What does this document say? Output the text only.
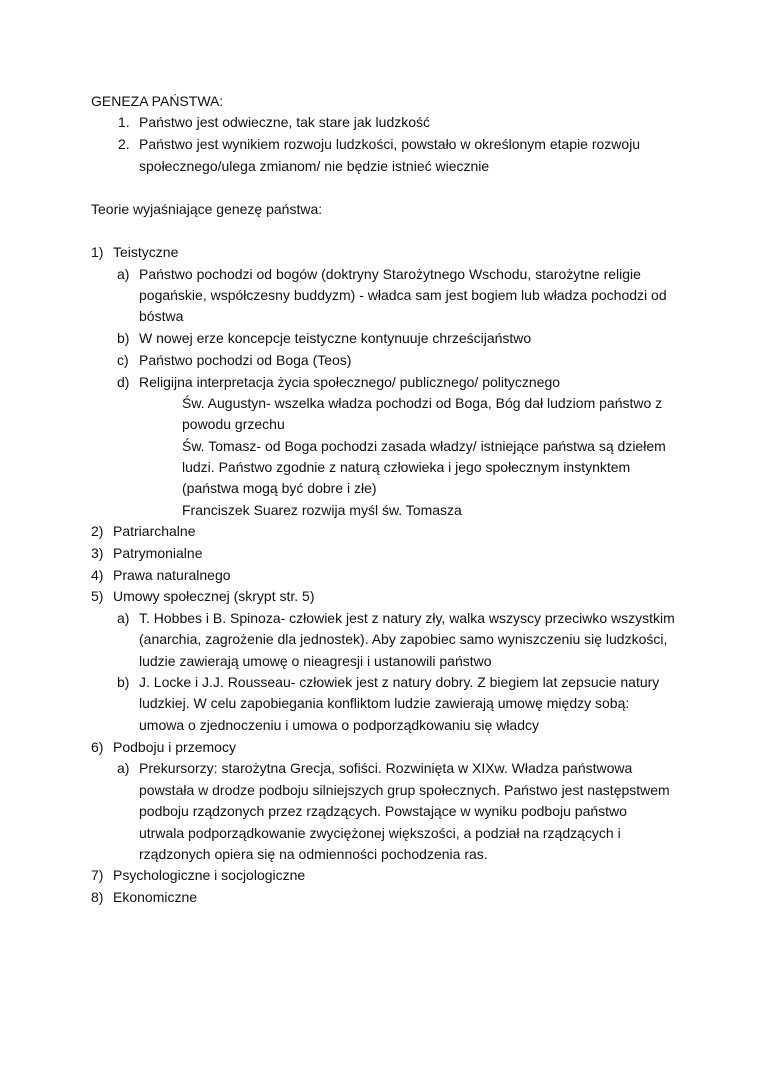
GENEZA PAŃSTWA:
1. Państwo jest odwieczne, tak stare jak ludzkość
2. Państwo jest wynikiem rozwoju ludzkości, powstało w określonym etapie rozwoju
społecznego/ulega zmianom/ nie będzie istnieć wiecznie
Teorie wyjaśniające genezę państwa:
1) Teistyczne
a) Państwo pochodzi od bogów (doktryny Starożytnego Wschodu, starożytne religie
pogańskie, współczesny buddyzm) - władca sam jest bogiem lub władza pochodzi od
bóstwa
b) W nowej erze koncepcje teistyczne kontynuuje chrześcijaństwo
c) Państwo pochodzi od Boga (Teos)
d) Religijna interpretacja życia społecznego/ publicznego/ politycznego
Św. Augustyn- wszelka władza pochodzi od Boga, Bóg dał ludziom państwo z
powodu grzechu
Św. Tomasz- od Boga pochodzi zasada władzy/ istniejące państwa są dziełem
ludzi. Państwo zgodnie z naturą człowieka i jego społecznym instynktem
(państwa mogą być dobre i złe)
Franciszek Suarez rozwija myśl św. Tomasza
2) Patriarchalne
3) Patrymonialne
4) Prawa naturalnego
5) Umowy społecznej (skrypt str. 5)
a) T. Hobbes i B. Spinoza- człowiek jest z natury zły, walka wszyscy przeciwko wszystkim
(anarchia, zagrożenie dla jednostek). Aby zapobiec samo wyniszczeniu się ludzkości,
ludzie zawierają umowę o nieagresji i ustanowili państwo
b) J. Locke i J.J. Rousseau- człowiek jest z natury dobry. Z biegiem lat zepsucie natury
ludzkiej. W celu zapobiegania konfliktom ludzie zawierają umowę między sobą:
umowa o zjednoczeniu i umowa o podporządkowaniu się władcy
6) Podboju i przemocy
a) Prekursorzy: starożytna Grecja, sofiści. Rozwinięta w XIXw. Władza państwowa
powstała w drodze podboju silniejszych grup społecznych. Państwo jest następstwem
podboju rządzonych przez rządzących. Powstające w wyniku podboju państwo
utrwala podporządkowanie zwyciężonej większości, a podział na rządzących i
rządzonych opiera się na odmienności pochodzenia ras.
7) Psychologiczne i socjologiczne
8) Ekonomiczne
